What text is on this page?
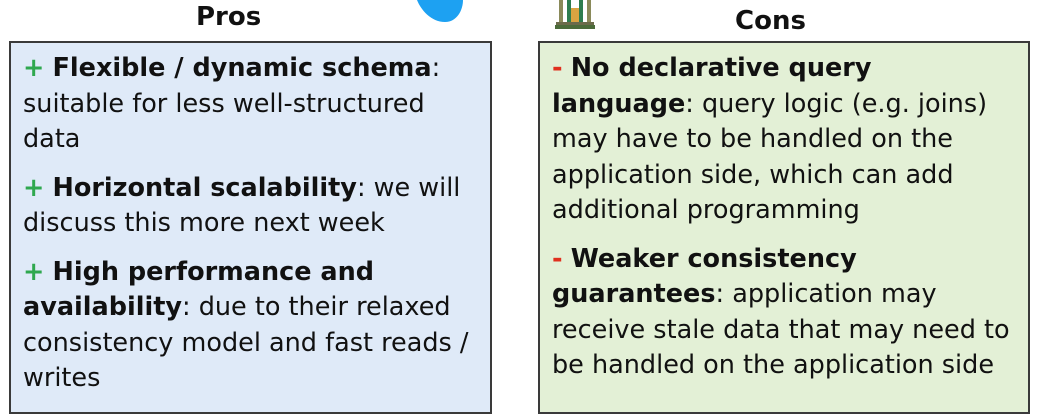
Pros	Cons

+ Flexible / dynamic schema: suitable for less well-structured data

+ Horizontal scalability: we will discuss this more next week

+ High performance and availability: due to their relaxed consistency model and fast reads / writes

- No declarative query language: query logic (e.g. joins) may have to be handled on the application side, which can add additional programming

- Weaker consistency guarantees: application may receive stale data that may need to be handled on the application side
